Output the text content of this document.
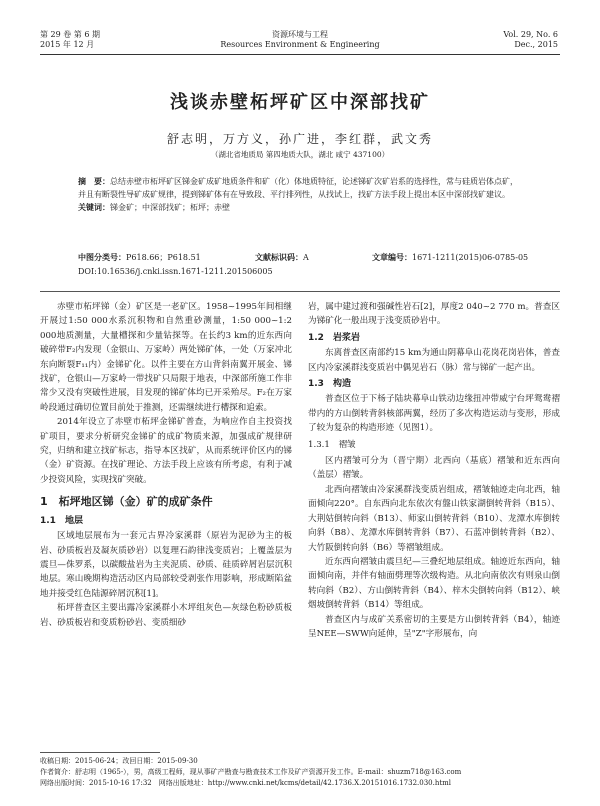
第 29 卷 第 6 期
2015 年 12 月
资源环境与工程
Resources Environment & Engineering
Vol. 29, No. 6
Dec., 2015
浅谈赤壁柘坪矿区中深部找矿
舒志明，万方义，孙广进，李红群，武文秀
（湖北省地质局 第四地质大队，湖北 咸宁 437100）
摘　要：总结赤壁市柘坪矿区锑金矿成矿地质条件和矿（化）体地质特征，论述锑矿次矿岩系的选择性，常与硅质岩体点矿，并且有断裂性导矿成矿规律，提到锑矿体有在导致段、平行排列性，从找试上，找矿方法手段上提出本区中深部找矿建议。
关键词：锑金矿；中深部找矿；柘坪；赤壁
中图分类号：P618.66；P618.51	文献标识码：A	文章编号：1671-1211(2015)06-0785-05
DOI:10.16536/j.cnki.issn.1671-1211.201506005

赤壁市柘坪锑（金）矿区是一老矿区。1958~1995年间相继开展过1:50 000水系沉积物和自然重砂测量，1:50 000~1:2 000地质测量，大量槽探和少量钻探等。在长约3 km的近东西向破碎带F₂内发现（金银山、万家岭）两处锑矿体，一处（万家冲北东向断裂F₁₁内）金锑矿化。以件主要在方山背斜南翼开展金、锑找矿，仓银山—万家岭一带找矿只局限于地表，中深部所施工作非常少又没有突破性进展，目发现的锑矿体均已开采殆尽。F₂在万家岭段通过确切位置目前处于推测，还需继续进行槽探和追索。

2014年设立了赤壁市柘坪金锑矿普查，为响应作自主投资找矿项目，要求分析研究金锑矿的成矿物质来源，加强成矿规律研究，归纳和建立找矿标志，指导本区找矿，从而系统评价区内的锑（金）矿资源。在找矿理论、方法手段上应该有所考虑，有利于减少投资风险，实现找矿突破。

1　柘坪地区锑（金）矿的成矿条件
1.1　地层

区域地层展布为一套元古界冷家溪群（原岩为泥砂为主的板岩、砂质板岩及凝灰质砂岩）以复理石韵律浅变质岩；上覆盖层为震旦—侏罗系，以碳酸盐岩为主夹泥质、砂质、硅质碎屑岩层沉积地层。寒山晚期构造活动区内局部较受剥张作用影响，形成断陷盆地并接受红色陆源碎屑沉积[1]。

柘坪普查区主要出露冷家溪群小木坪组灰色—灰绿色粉砂质板岩、砂质板岩和变质粉砂岩、变质细砂

岩，属中建过渡和强碱性岩石[2]，厚度2 040~2 770 m。普查区为锑矿化一般出现于浅变质砂岩中。

1.2　岩浆岩

东离普查区南部约15 km为通山阴幕阜山花岗花岗岩体，普查区内冷家溪群浅变质岩中偶见岩石（脉）常与锑矿一起产出。

1.3　构造

普查区位于下杨子陆块幕阜山铁动边缘扭冲带威宁台坪鸳鸯褶带内的方山倒转背斜核部两翼，经历了多次构造运动与变形，形成了较为复杂的构造形迹（见图1）。

1.3.1　褶皱

区内褶皱可分为（晋宁期）北西向（基底）褶皱和近东西向（盖层）褶皱。

北西向褶皱由冷家溪群浅变质岩组成，褶皱轴迹走向北西，轴面倾向220°。自东西向北东依次有盤山铁家湖倒转背斜（B15）、大荆姑倒转向斜（B13）、师家山倒转背斜（B10）、龙潭水库倒转向斜（B8）、龙潭水库倒转背斜（B7）、石蓝冲倒转背斜（B2）、大竹阪倒转向斜（B6）等褶皱组成。

近东西向褶皱由震旦纪—三叠纪地层组成。轴迹近东西向，轴面倾向南，并伴有轴面劈理等次级构造。从北向南依次有则泉山倒转向斜（B2）、方山倒转背斜（B4）、梓木尖倒转向斜（B12）、峡烟坡倒转背斜（B14）等组成。

普查区内与成矿关系密切的主要是方山倒转背斜（B4），轴迹呈NEE—SWW向延伸，呈"Z"字形展布，向

收稿日期：2015-06-24；改回日期：2015-09-30
作者简介：舒志明（1965-），男，高级工程师，现从事矿产勘查与勘查技术工作及矿产资源开发工作。E-mail：shuzm718@163.com
网络出版时间：2015-10-16 17:32　网络出版地址：http://www.cnki.net/kcms/detail/42.1736.X.20151016.1732.030.html
